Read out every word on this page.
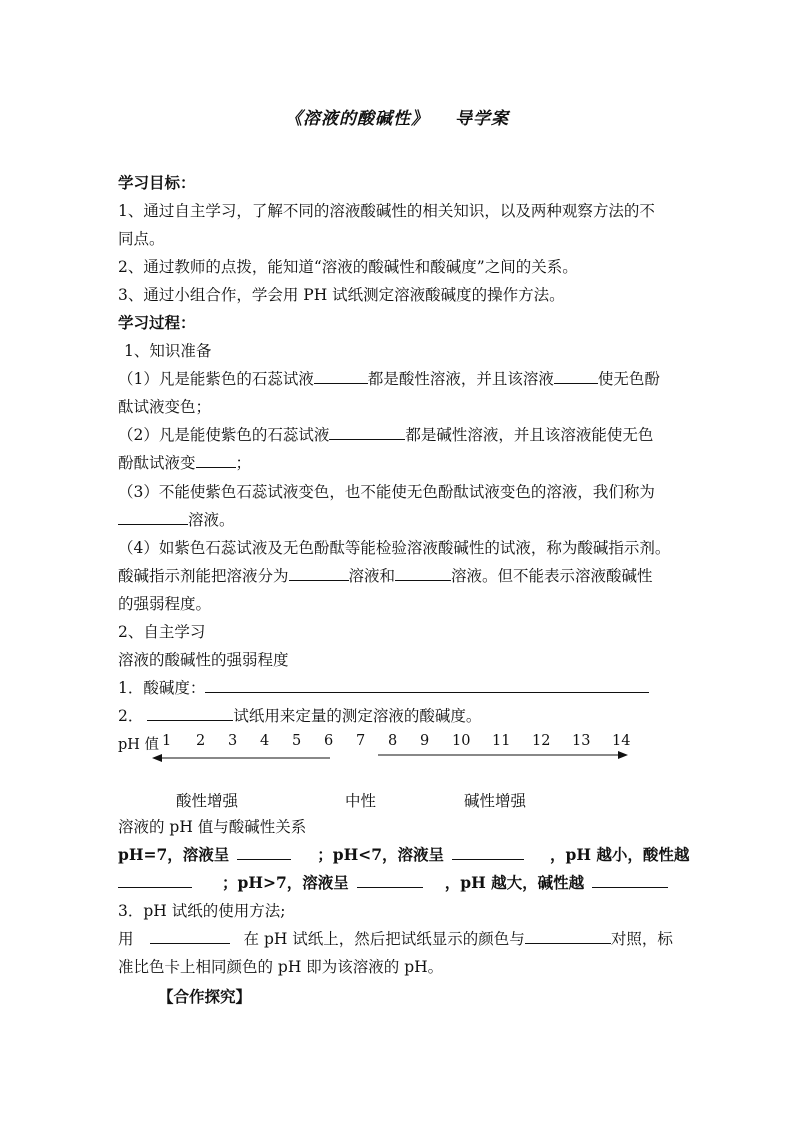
《溶液的酸碱性》 导学案
学习目标：
1、通过自主学习，了解不同的溶液酸碱性的相关知识，以及两种观察方法的不
同点。
2、通过教师的点拨，能知道“溶液的酸碱性和酸碱度”之间的关系。
3、通过小组合作，学会用 PH 试纸测定溶液酸碱度的操作方法。
学习过程：
1、知识准备
（1）凡是能紫色的石蕊试液	都是酸性溶液，并且该溶液	使无色酚
酞试液变色；
（2）凡是能使紫色的石蕊试液	都是碱性溶液，并且该溶液能使无色
酚酞试液变	；
（3）不能使紫色石蕊试液变色，也不能使无色酚酞试液变色的溶液，我们称为
溶液。
（4）如紫色石蕊试液及无色酚酞等能检验溶液酸碱性的试液，称为酸碱指示剂。
酸碱指示剂能把溶液分为	溶液和	溶液。但不能表示溶液酸碱性
的强弱程度。
2、自主学习
溶液的酸碱性的强弱程度
1．酸碱度：
2．	试纸用来定量的测定溶液的酸碱度。
pH 值 1 2 3 4 5 6 7 8 9 10 11 12 13 14
酸性增强	中性	碱性增强
溶液的 pH 值与酸碱性关系
pH=7，溶液呈	；pH<7，溶液呈	，pH 越小，酸性越
；pH>7，溶液呈	，pH 越大，碱性越
3．pH 试纸的使用方法;
用	在 pH 试纸上，然后把试纸显示的颜色与	对照，标
准比色卡上相同颜色的 pH 即为该溶液的 pH。
【合作探究】
